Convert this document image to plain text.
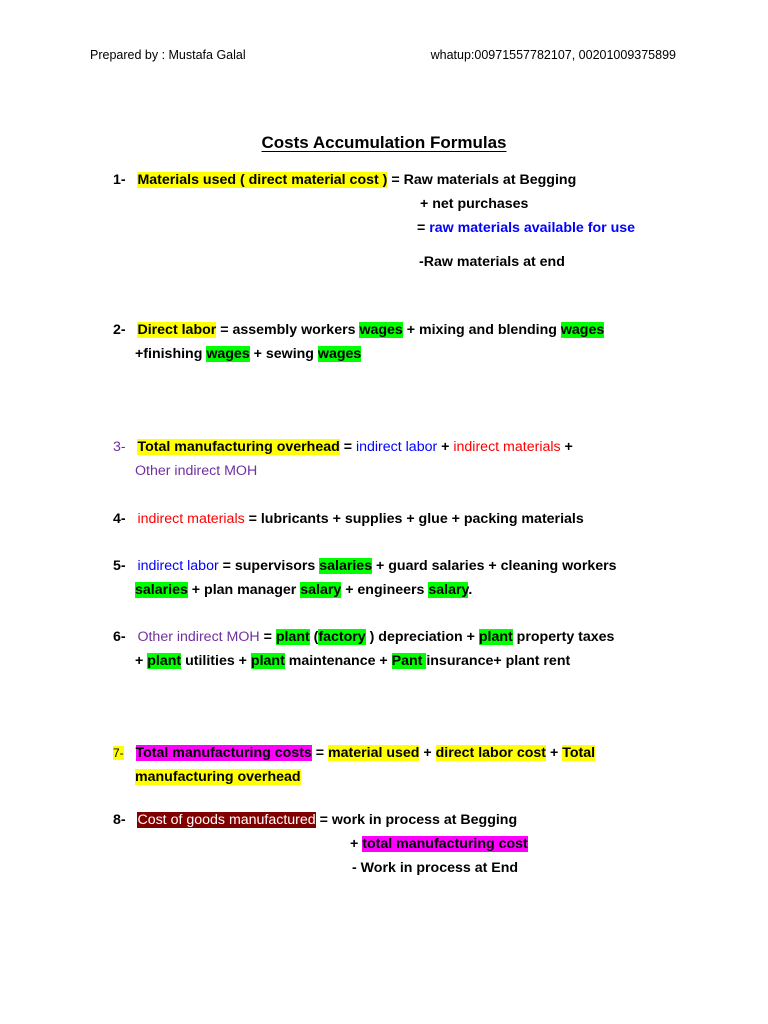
Prepared by : Mustafa Galal	whatup:00971557782107, 00201009375899
Costs Accumulation Formulas
1- Materials used ( direct material cost ) = Raw materials at Begging
+ net purchases
= raw materials available for use
-Raw materials at end
2- Direct labor = assembly workers wages + mixing and blending wages
+finishing wages + sewing wages
3- Total manufacturing overhead = indirect labor + indirect materials +
Other indirect MOH
4- indirect materials = lubricants + supplies + glue + packing materials
5- indirect labor = supervisors salaries + guard salaries + cleaning workers
salaries + plan manager salary + engineers salary.
6- Other indirect MOH = plant (factory ) depreciation + plant property taxes
+ plant utilities + plant maintenance + Pant insurance+ plant rent
7- Total manufacturing costs = material used + direct labor cost + Total
manufacturing overhead
8- Cost of goods manufactured = work in process at Begging
+ total manufacturing cost
- Work in process at End
